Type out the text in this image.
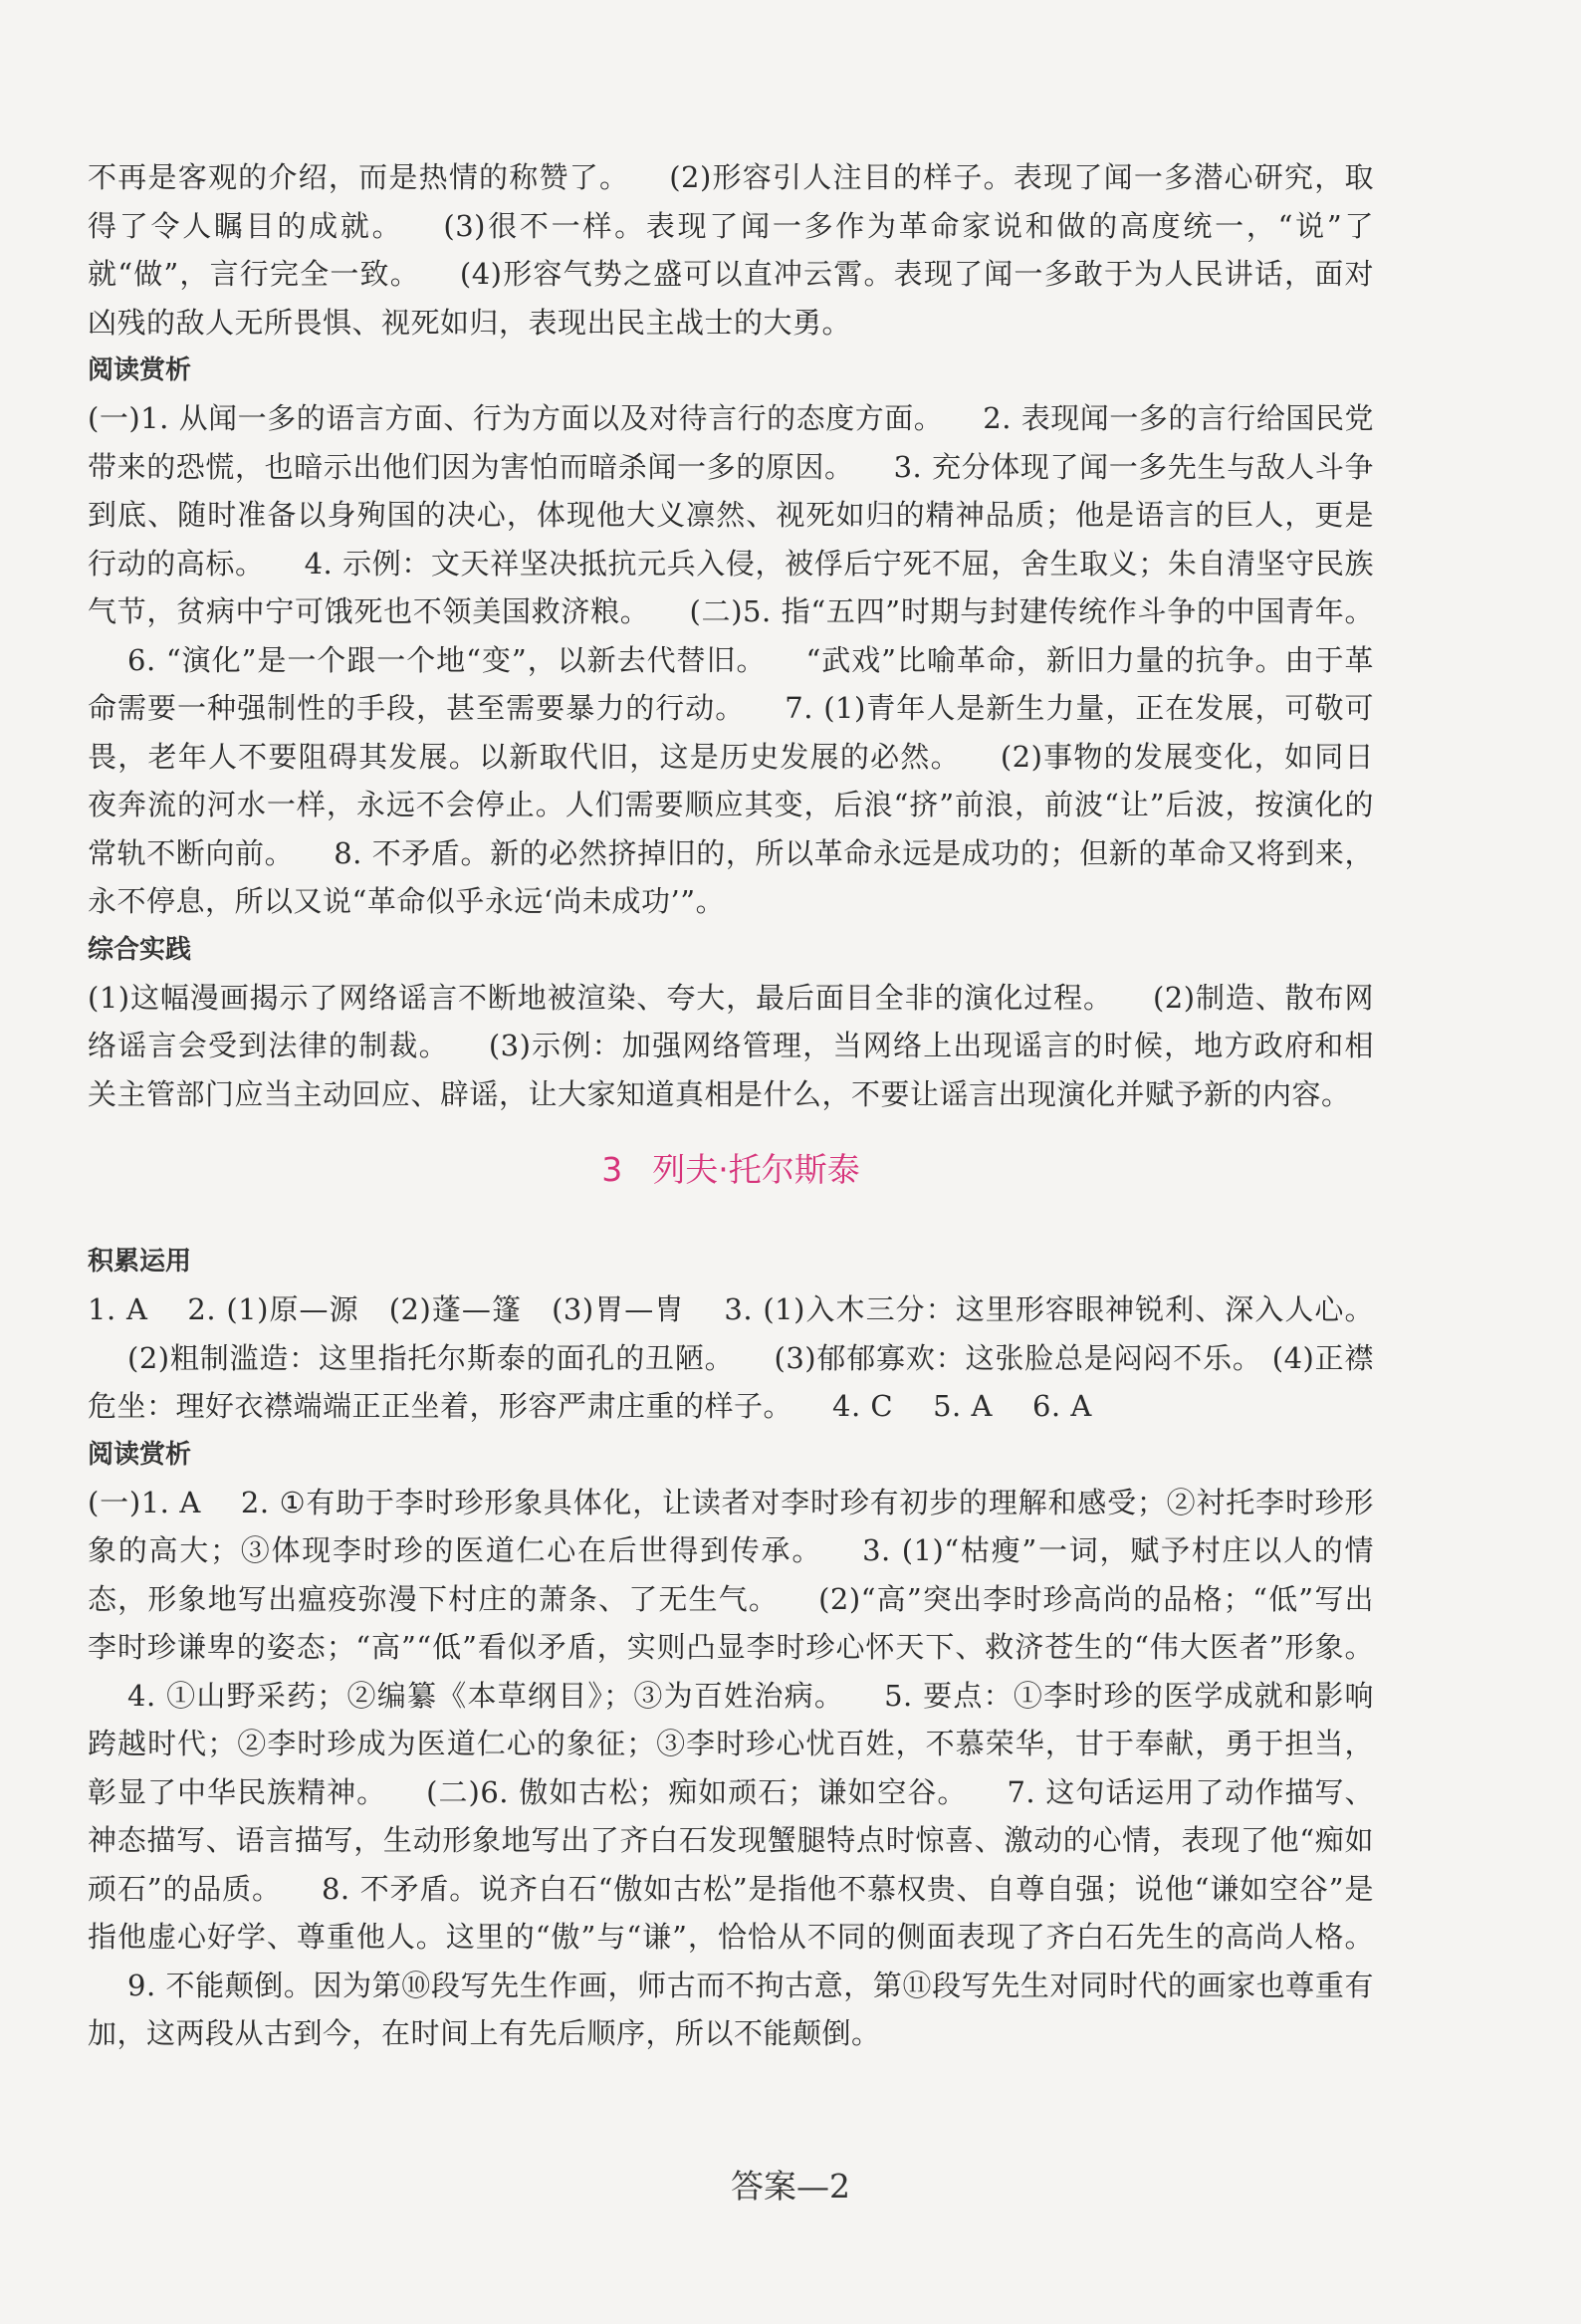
不再是客观的介绍，而是热情的称赞了。 (2)形容引人注目的样子。表现了闻一多潜心研究，取得了令人瞩目的成就。 (3)很不一样。表现了闻一多作为革命家说和做的高度统一，“说”了就“做”，言行完全一致。 (4)形容气势之盛可以直冲云霄。表现了闻一多敢于为人民讲话，面对凶残的敌人无所畏惧、视死如归，表现出民主战士的大勇。

阅读赏析

(一)1. 从闻一多的语言方面、行为方面以及对待言行的态度方面。 2. 表现闻一多的言行给国民党带来的恐慌，也暗示出他们因为害怕而暗杀闻一多的原因。 3. 充分体现了闻一多先生与敌人斗争到底、随时准备以身殉国的决心，体现他大义凛然、视死如归的精神品质；他是语言的巨人，更是行动的高标。 4. 示例：文天祥坚决抵抗元兵入侵，被俘后宁死不屈，舍生取义；朱自清坚守民族气节，贫病中宁可饿死也不领美国救济粮。 (二)5. 指“五四”时期与封建传统作斗争的中国青年。6. “演化”是一个跟一个地“变”，以新去代替旧。 “武戏”比喻革命，新旧力量的抗争。由于革命需要一种强制性的手段，甚至需要暴力的行动。 7. (1)青年人是新生力量，正在发展，可敬可畏，老年人不要阻碍其发展。以新取代旧，这是历史发展的必然。 (2)事物的发展变化，如同日夜奔流的河水一样，永远不会停止。人们需要顺应其变，后浪“挤”前浪，前波“让”后波，按演化的常轨不断向前。 8. 不矛盾。新的必然挤掉旧的，所以革命永远是成功的；但新的革命又将到来，永不停息，所以又说“革命似乎永远‘尚未成功’”。

综合实践

(1)这幅漫画揭示了网络谣言不断地被渲染、夸大，最后面目全非的演化过程。 (2)制造、散布网络谣言会受到法律的制裁。 (3)示例：加强网络管理，当网络上出现谣言的时候，地方政府和相关主管部门应当主动回应、辟谣，让大家知道真相是什么，不要让谣言出现演化并赋予新的内容。

3 列夫·托尔斯泰
积累运用

1. A 2. (1)原—源　(2)蓬—篷　(3)胃—冑 3. (1)入木三分：这里形容眼神锐利、深入人心。(2)粗制滥造：这里指托尔斯泰的面孔的丑陋。 (3)郁郁寡欢：这张脸总是闷闷不乐。 (4)正襟危坐：理好衣襟端端正正坐着，形容严肃庄重的样子。 4. C 5. A 6. A

阅读赏析

(一)1. A 2. ①有助于李时珍形象具体化，让读者对李时珍有初步的理解和感受；②衬托李时珍形象的高大；③体现李时珍的医道仁心在后世得到传承。 3. (1)“枯瘦”一词，赋予村庄以人的情态，形象地写出瘟疫弥漫下村庄的萧条、了无生气。 (2)“高”突出李时珍高尚的品格；“低”写出李时珍谦卑的姿态；“高”“低”看似矛盾，实则凸显李时珍心怀天下、救济苍生的“伟大医者”形象。4. ①山野采药；②编纂《本草纲目》；③为百姓治病。 5. 要点：①李时珍的医学成就和影响跨越时代；②李时珍成为医道仁心的象征；③李时珍心忧百姓，不慕荣华，甘于奉献，勇于担当，彰显了中华民族精神。 (二)6. 傲如古松；痴如顽石；谦如空谷。 7. 这句话运用了动作描写、神态描写、语言描写，生动形象地写出了齐白石发现蟹腿特点时惊喜、激动的心情，表现了他“痴如顽石”的品质。 8. 不矛盾。说齐白石“傲如古松”是指他不慕权贵、自尊自强；说他“谦如空谷”是指他虚心好学、尊重他人。这里的“傲”与“谦”，恰恰从不同的侧面表现了齐白石先生的高尚人格。9. 不能颠倒。因为第⑩段写先生作画，师古而不拘古意，第⑪段写先生对同时代的画家也尊重有加，这两段从古到今，在时间上有先后顺序，所以不能颠倒。

答案—2
